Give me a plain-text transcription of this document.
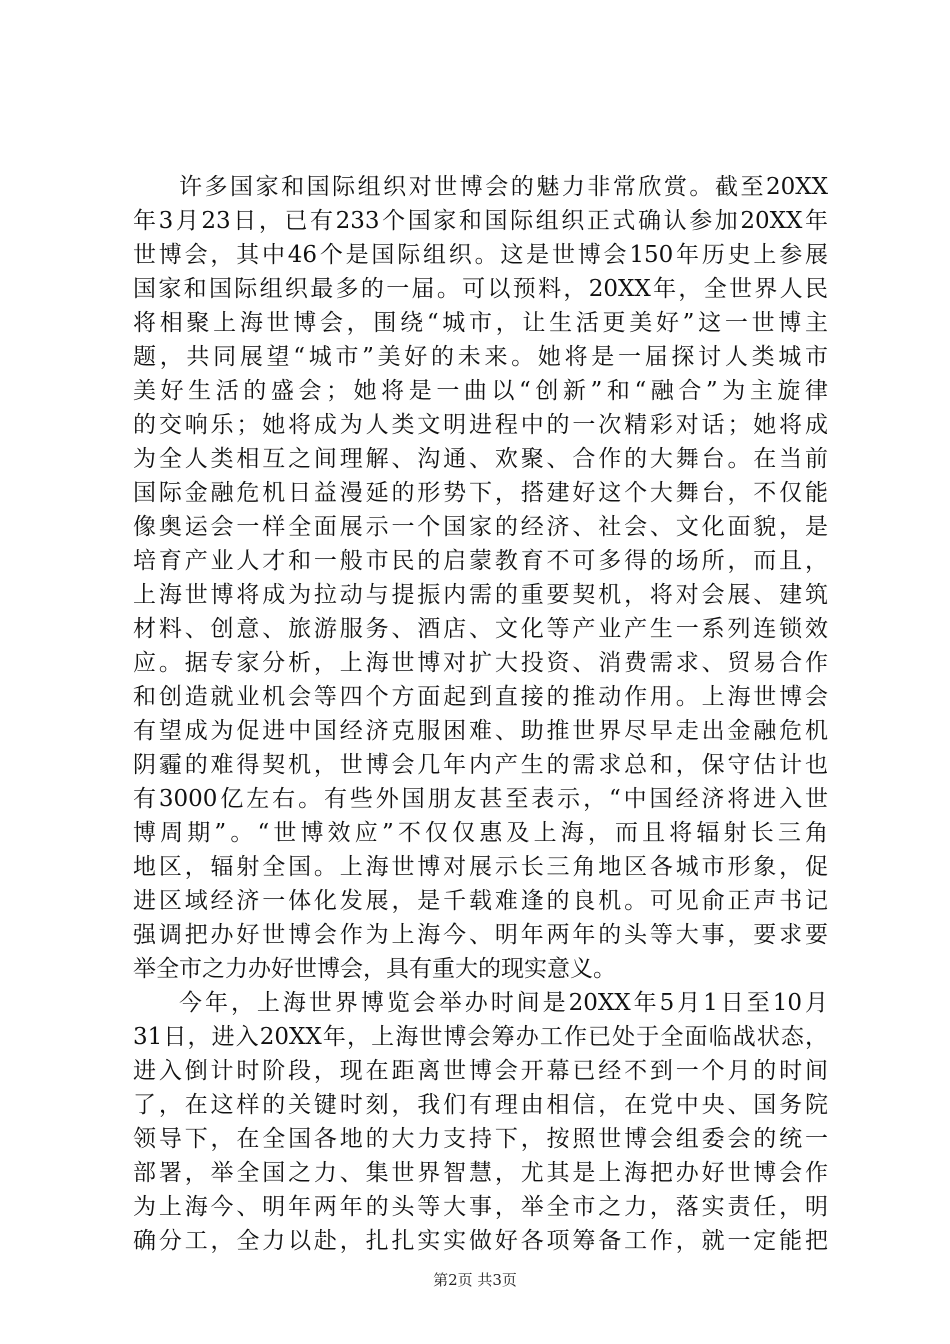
许多国家和国际组织对世博会的魅力非常欣赏。截至20XX
年3月23日，已有233个国家和国际组织正式确认参加20XX年
世博会，其中46个是国际组织。这是世博会150年历史上参展
国家和国际组织最多的一届。可以预料，20XX年，全世界人民
将相聚上海世博会，围绕“城市，让生活更美好”这一世博主
题，共同展望“城市”美好的未来。她将是一届探讨人类城市
美好生活的盛会；她将是一曲以“创新”和“融合”为主旋律
的交响乐；她将成为人类文明进程中的一次精彩对话；她将成
为全人类相互之间理解、沟通、欢聚、合作的大舞台。在当前
国际金融危机日益漫延的形势下，搭建好这个大舞台，不仅能
像奥运会一样全面展示一个国家的经济、社会、文化面貌，是
培育产业人才和一般市民的启蒙教育不可多得的场所，而且，
上海世博将成为拉动与提振内需的重要契机，将对会展、建筑
材料、创意、旅游服务、酒店、文化等产业产生一系列连锁效
应。据专家分析，上海世博对扩大投资、消费需求、贸易合作
和创造就业机会等四个方面起到直接的推动作用。上海世博会
有望成为促进中国经济克服困难、助推世界尽早走出金融危机
阴霾的难得契机，世博会几年内产生的需求总和，保守估计也
有3000亿左右。有些外国朋友甚至表示，“中国经济将进入世
博周期”。“世博效应”不仅仅惠及上海，而且将辐射长三角
地区，辐射全国。上海世博对展示长三角地区各城市形象，促
进区域经济一体化发展，是千载难逢的良机。可见俞正声书记
强调把办好世博会作为上海今、明年两年的头等大事，要求要
举全市之力办好世博会，具有重大的现实意义。
今年，上海世界博览会举办时间是20XX年5月1日至10月
31日，进入20XX年，上海世博会筹办工作已处于全面临战状态，
进入倒计时阶段，现在距离世博会开幕已经不到一个月的时间
了，在这样的关键时刻，我们有理由相信，在党中央、国务院
领导下，在全国各地的大力支持下，按照世博会组委会的统一
部署，举全国之力、集世界智慧，尤其是上海把办好世博会作
为上海今、明年两年的头等大事，举全市之力，落实责任，明
确分工，全力以赴，扎扎实实做好各项筹备工作，就一定能把
第2页 共3页
